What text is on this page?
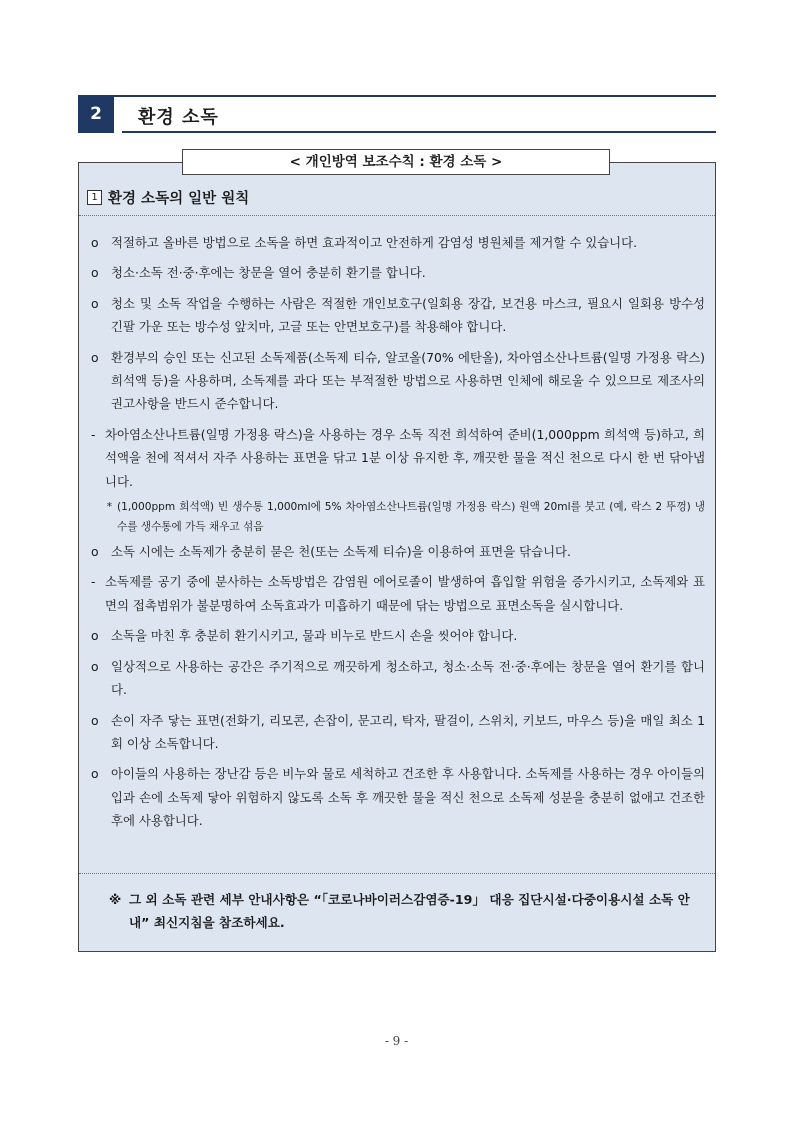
2	환경 소독
< 개인방역 보조수칙 : 환경 소독 >
1 환경 소독의 일반 원칙
o	적절하고 올바른 방법으로 소독을 하면 효과적이고 안전하게 감염성 병원체를 제거할 수 있습니다.
o	청소·소독 전·중·후에는 창문을 열어 충분히 환기를 합니다.
o	청소 및 소독 작업을 수행하는 사람은 적절한 개인보호구(일회용 장갑, 보건용 마스크, 필요시 일회용 방수성 긴팔 가운 또는 방수성 앞치마, 고글 또는 안면보호구)를 착용해야 합니다.
o	환경부의 승인 또는 신고된 소독제품(소독제 티슈, 알코올(70% 에탄올), 차아염소산나트륨(일명 가정용 락스) 희석액 등)을 사용하며, 소독제를 과다 또는 부적절한 방법으로 사용하면 인체에 해로울 수 있으므로 제조사의 권고사항을 반드시 준수합니다.
- 차아염소산나트륨(일명 가정용 락스)을 사용하는 경우 소독 직전 희석하여 준비(1,000ppm 희석액 등)하고, 희석액을 천에 적셔서 자주 사용하는 표면을 닦고 1분 이상 유지한 후, 깨끗한 물을 적신 천으로 다시 한 번 닦아냅니다.
* (1,000ppm 희석액) 빈 생수통 1,000ml에 5% 차아염소산나트륨(일명 가정용 락스) 원액 20ml를 붓고 (예, 락스 2 뚜껑) 냉수를 생수통에 가득 채우고 섞음
o	소독 시에는 소독제가 충분히 묻은 천(또는 소독제 티슈)을 이용하여 표면을 닦습니다.
- 소독제를 공기 중에 분사하는 소독방법은 감염원 에어로졸이 발생하여 흡입할 위험을 증가시키고, 소독제와 표면의 접촉범위가 불분명하여 소독효과가 미흡하기 때문에 닦는 방법으로 표면소독을 실시합니다.
o	소독을 마친 후 충분히 환기시키고, 물과 비누로 반드시 손을 씻어야 합니다.
o	일상적으로 사용하는 공간은 주기적으로 깨끗하게 청소하고, 청소·소독 전·중·후에는 창문을 열어 환기를 합니다.
o	손이 자주 닿는 표면(전화기, 리모콘, 손잡이, 문고리, 탁자, 팔걸이, 스위치, 키보드, 마우스 등)을 매일 최소 1회 이상 소독합니다.
o	아이들의 사용하는 장난감 등은 비누와 물로 세척하고 건조한 후 사용합니다. 소독제를 사용하는 경우 아이들의 입과 손에 소독제 닿아 위험하지 않도록 소독 후 깨끗한 물을 적신 천으로 소독제 성분을 충분히 없애고 건조한 후에 사용합니다.
※ 그 외 소독 관련 세부 안내사항은 “「코로나바이러스감염증-19」 대응 집단시설·다중이용시설 소독 안내” 최신지침을 참조하세요.
- 9 -
